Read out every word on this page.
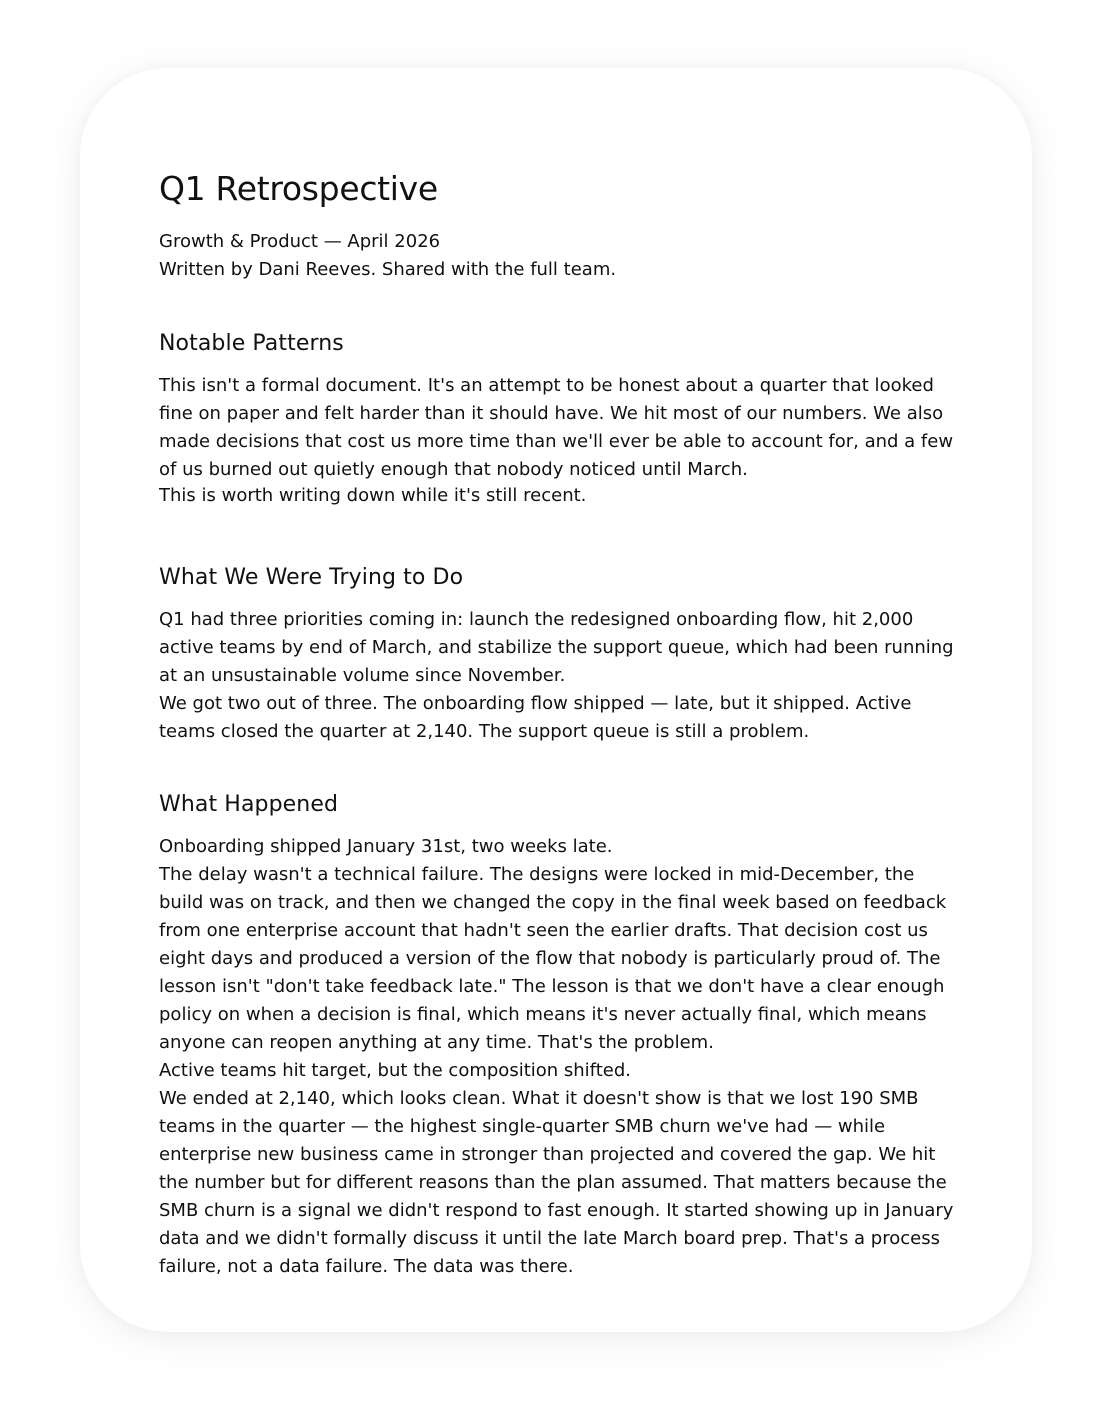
Q1 Retrospective
Growth & Product — April 2026
Written by Dani Reeves. Shared with the full team.
Notable Patterns

This isn't a formal document. It's an attempt to be honest about a quarter that looked fine on paper and felt harder than it should have. We hit most of our numbers. We also made decisions that cost us more time than we'll ever be able to account for, and a few of us burned out quietly enough that nobody noticed until March.

This is worth writing down while it's still recent.

What We Were Trying to Do

Q1 had three priorities coming in: launch the redesigned onboarding flow, hit 2,000 active teams by end of March, and stabilize the support queue, which had been running at an unsustainable volume since November.

We got two out of three. The onboarding flow shipped — late, but it shipped. Active teams closed the quarter at 2,140. The support queue is still a problem.

What Happened

Onboarding shipped January 31st, two weeks late.

The delay wasn't a technical failure. The designs were locked in mid-December, the build was on track, and then we changed the copy in the final week based on feedback from one enterprise account that hadn't seen the earlier drafts. That decision cost us eight days and produced a version of the flow that nobody is particularly proud of. The lesson isn't "don't take feedback late." The lesson is that we don't have a clear enough policy on when a decision is final, which means it's never actually final, which means anyone can reopen anything at any time. That's the problem.

Active teams hit target, but the composition shifted.

We ended at 2,140, which looks clean. What it doesn't show is that we lost 190 SMB teams in the quarter — the highest single-quarter SMB churn we've had — while enterprise new business came in stronger than projected and covered the gap. We hit the number but for different reasons than the plan assumed. That matters because the SMB churn is a signal we didn't respond to fast enough. It started showing up in January data and we didn't formally discuss it until the late March board prep. That's a process failure, not a data failure. The data was there.
